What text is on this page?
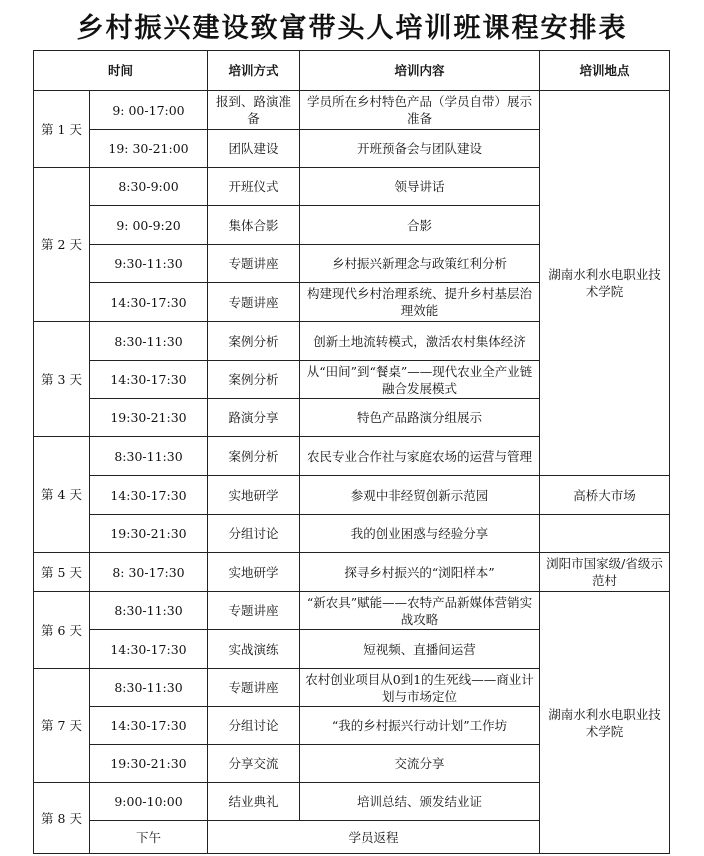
乡村振兴建设致富带头人培训班课程安排表
时间		培训方式	培训内容	培训地点
第 1 天	9: 00-17:00	报到、路演准备	学员所在乡村特色产品（学员自带）展示准备	湖南水利水电职业技术学院
	19: 30-21:00	团队建设	开班预备会与团队建设	
第 2 天	8:30-9:00	开班仪式	领导讲话	
	9: 00-9:20	集体合影	合影	
	9:30-11:30	专题讲座	乡村振兴新理念与政策红利分析	
	14:30-17:30	专题讲座	构建现代乡村治理系统、提升乡村基层治理效能	
第 3 天	8:30-11:30	案例分析	创新土地流转模式，激活农村集体经济	
	14:30-17:30	案例分析	从“田间”到“餐桌”——现代农业全产业链融合发展模式	
	19:30-21:30	路演分享	特色产品路演分组展示	
第 4 天	8:30-11:30	案例分析	农民专业合作社与家庭农场的运营与管理	
	14:30-17:30	实地研学	参观中非经贸创新示范园	高桥大市场
	19:30-21:30	分组讨论	我的创业困惑与经验分享	
第 5 天	8: 30-17:30	实地研学	探寻乡村振兴的“浏阳样本”	浏阳市国家级/省级示范村
第 6 天	8:30-11:30	专题讲座	“新农具”赋能——农特产品新媒体营销实战攻略	湖南水利水电职业技术学院
	14:30-17:30	实战演练	短视频、直播间运营	
第 7 天	8:30-11:30	专题讲座	农村创业项目从0到1的生死线——商业计划与市场定位	
	14:30-17:30	分组讨论	“我的乡村振兴行动计划”工作坊	
	19:30-21:30	分享交流	交流分享	
第 8 天	9:00-10:00	结业典礼	培训总结、颁发结业证	
	下午	学员返程		
